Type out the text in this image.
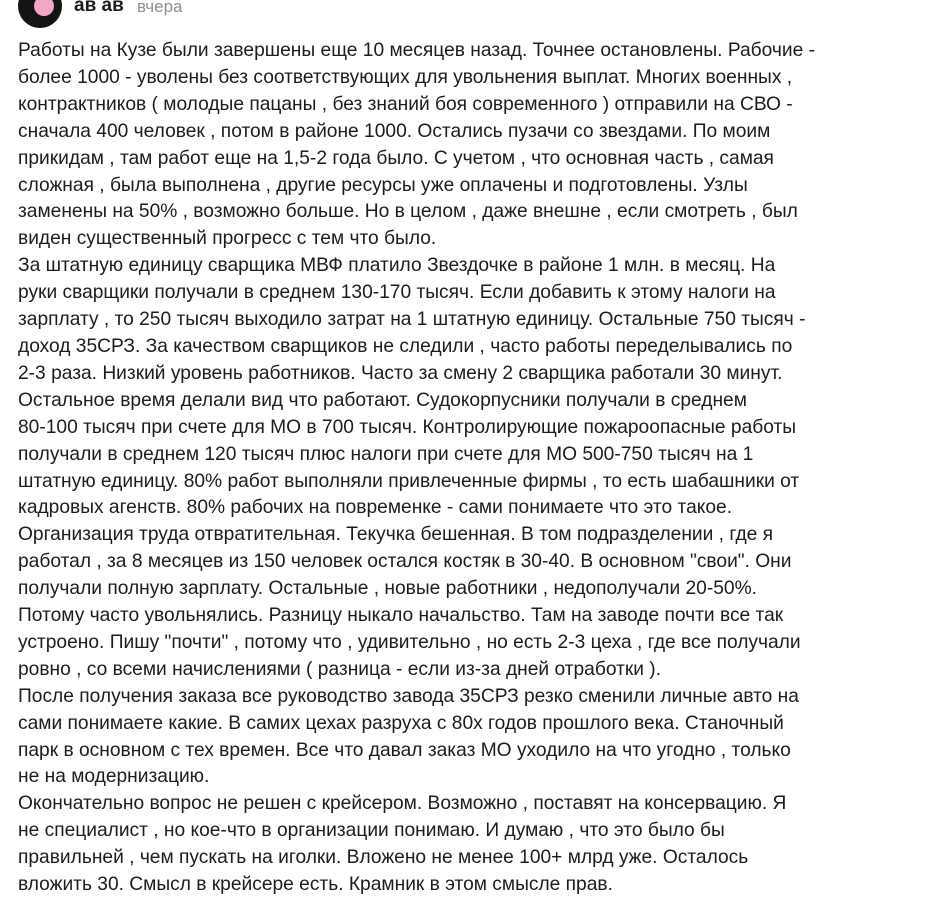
ав ав вчера
Работы на Кузе были завершены еще 10 месяцев назад. Точнее остановлены. Рабочие -
более 1000 - уволены без соответствующих для увольнения выплат. Многих военных ,
контрактников ( молодые пацаны , без знаний боя современного ) отправили на СВО -
сначала 400 человек , потом в районе 1000. Остались пузачи со звездами. По моим
прикидам , там работ еще на 1,5-2 года было. С учетом , что основная часть , самая
сложная , была выполнена , другие ресурсы уже оплачены и подготовлены. Узлы
заменены на 50% , возможно больше. Но в целом , даже внешне , если смотреть , был
виден существенный прогресс с тем что было.
За штатную единицу сварщика МВФ платило Звездочке в районе 1 млн. в месяц. На
руки сварщики получали в среднем 130-170 тысяч. Если добавить к этому налоги на
зарплату , то 250 тысяч выходило затрат на 1 штатную единицу. Остальные 750 тысяч -
доход 35СРЗ. За качеством сварщиков не следили , часто работы переделывались по
2-3 раза. Низкий уровень работников. Часто за смену 2 сварщика работали 30 минут.
Остальное время делали вид что работают. Судокорпусники получали в среднем
80-100 тысяч при счете для МО в 700 тысяч. Контролирующие пожароопасные работы
получали в среднем 120 тысяч плюс налоги при счете для МО 500-750 тысяч на 1
штатную единицу. 80% работ выполняли привлеченные фирмы , то есть шабашники от
кадровых агенств. 80% рабочих на повременке - сами понимаете что это такое.
Организация труда отвратительная. Текучка бешенная. В том подразделении , где я
работал , за 8 месяцев из 150 человек остался костяк в 30-40. В основном "свои". Они
получали полную зарплату. Остальные , новые работники , недополучали 20-50%.
Потому часто увольнялись. Разницу ныкало начальство. Там на заводе почти все так
устроено. Пишу "почти" , потому что , удивительно , но есть 2-3 цеха , где все получали
ровно , со всеми начислениями ( разница - если из-за дней отработки ).
После получения заказа все руководство завода 35СРЗ резко сменили личные авто на
сами понимаете какие. В самих цехах разруха с 80х годов прошлого века. Станочный
парк в основном с тех времен. Все что давал заказ МО уходило на что угодно , только
не на модернизацию.
Окончательно вопрос не решен с крейсером. Возможно , поставят на консервацию. Я
не специалист , но кое-что в организации понимаю. И думаю , что это было бы
правильней , чем пускать на иголки. Вложено не менее 100+ млрд уже. Осталось
вложить 30. Смысл в крейсере есть. Крамник в этом смысле прав.
